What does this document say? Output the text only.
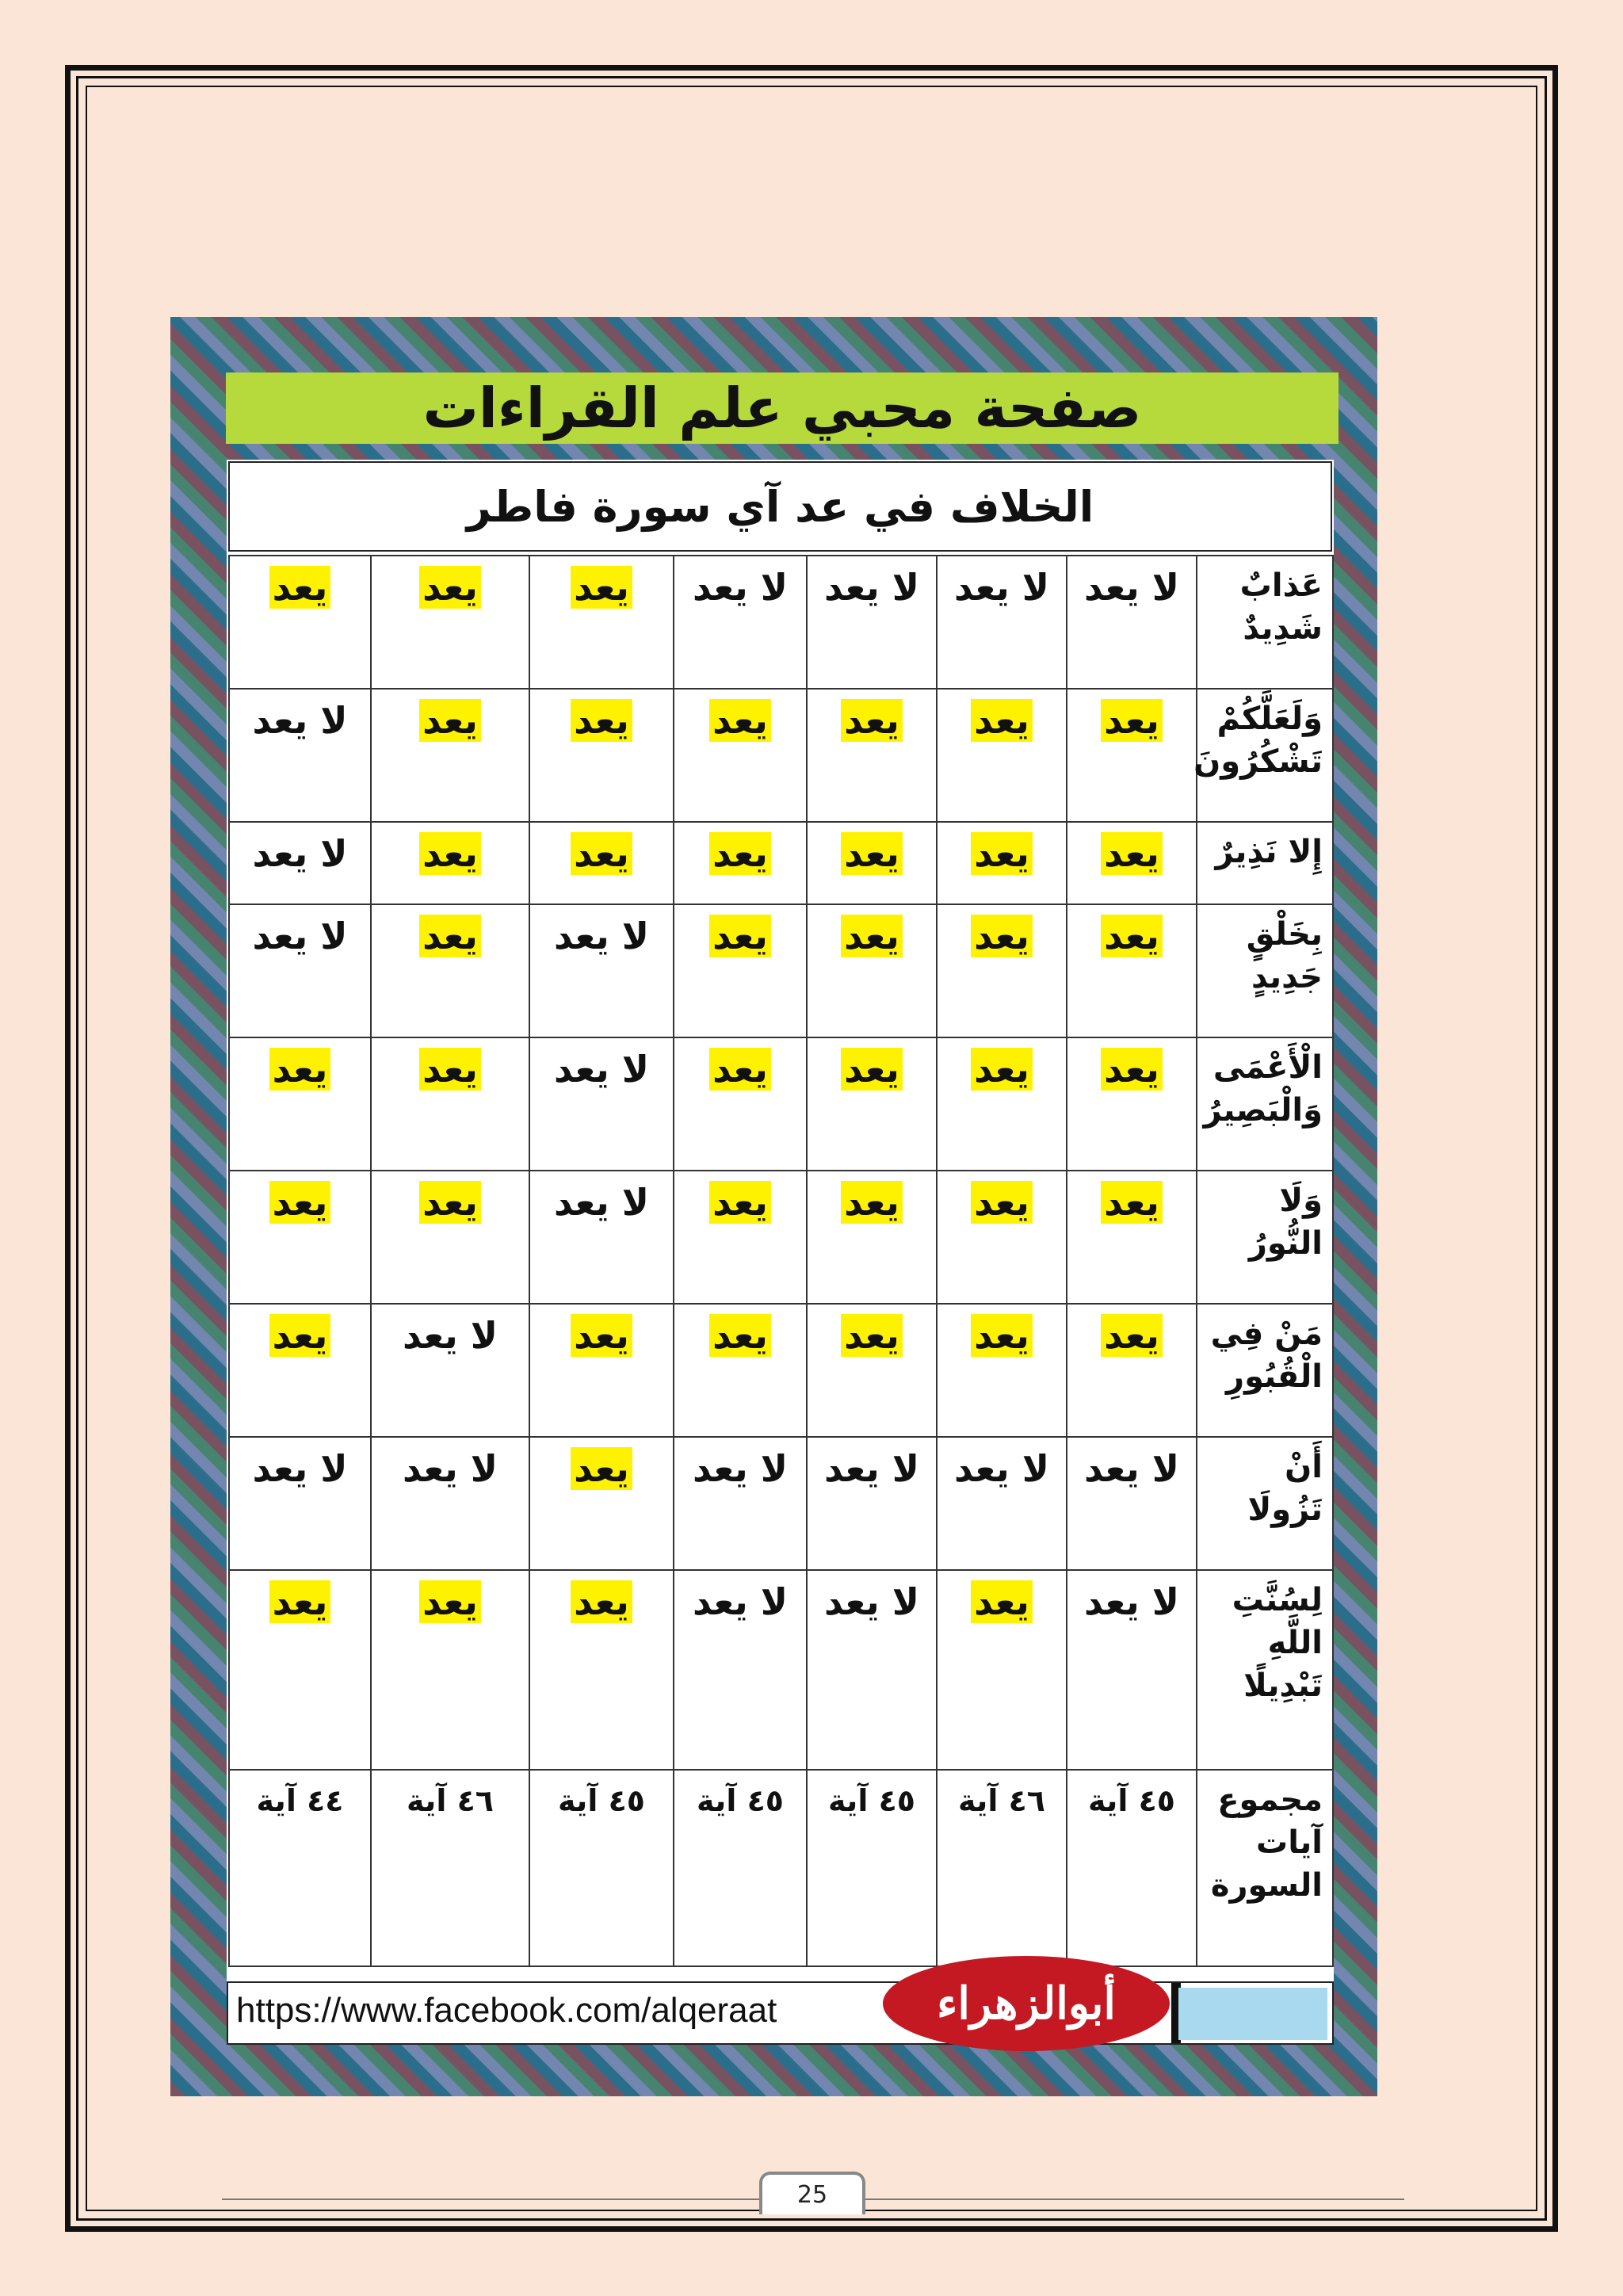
صفحة محبي علم القراءات
الخلاف في عد آي سورة فاطر
عَذابٌ شَدِيدٌ	لا يعد	لا يعد	لا يعد	لا يعد	يعد	يعد	يعد
وَلَعَلَّكُمْ تَشْكُرُونَ	يعد	يعد	يعد	يعد	يعد	يعد	لا يعد
إِلا نَذِيرٌ	يعد	يعد	يعد	يعد	يعد	يعد	لا يعد
بِخَلْقٍ جَدِيدٍ	يعد	يعد	يعد	يعد	لا يعد	يعد	لا يعد
الْأَعْمَى وَالْبَصِيرُ	يعد	يعد	يعد	يعد	لا يعد	يعد	يعد
وَلَا النُّورُ	يعد	يعد	يعد	يعد	لا يعد	يعد	يعد
مَنْ فِي الْقُبُورِ	يعد	يعد	يعد	يعد	يعد	لا يعد	يعد
أَنْ تَزُولَا	لا يعد	لا يعد	لا يعد	لا يعد	يعد	لا يعد	لا يعد
لِسُنَّتِ اللَّهِ تَبْدِيلًا	لا يعد	يعد	لا يعد	لا يعد	يعد	يعد	يعد
مجموع آيات السورة	٤٥ آية	٤٦ آية	٤٥ آية	٤٥ آية	٤٥ آية	٤٦ آية	٤٤ آية
https://www.facebook.com/alqeraat	أبوالزهراء
25
